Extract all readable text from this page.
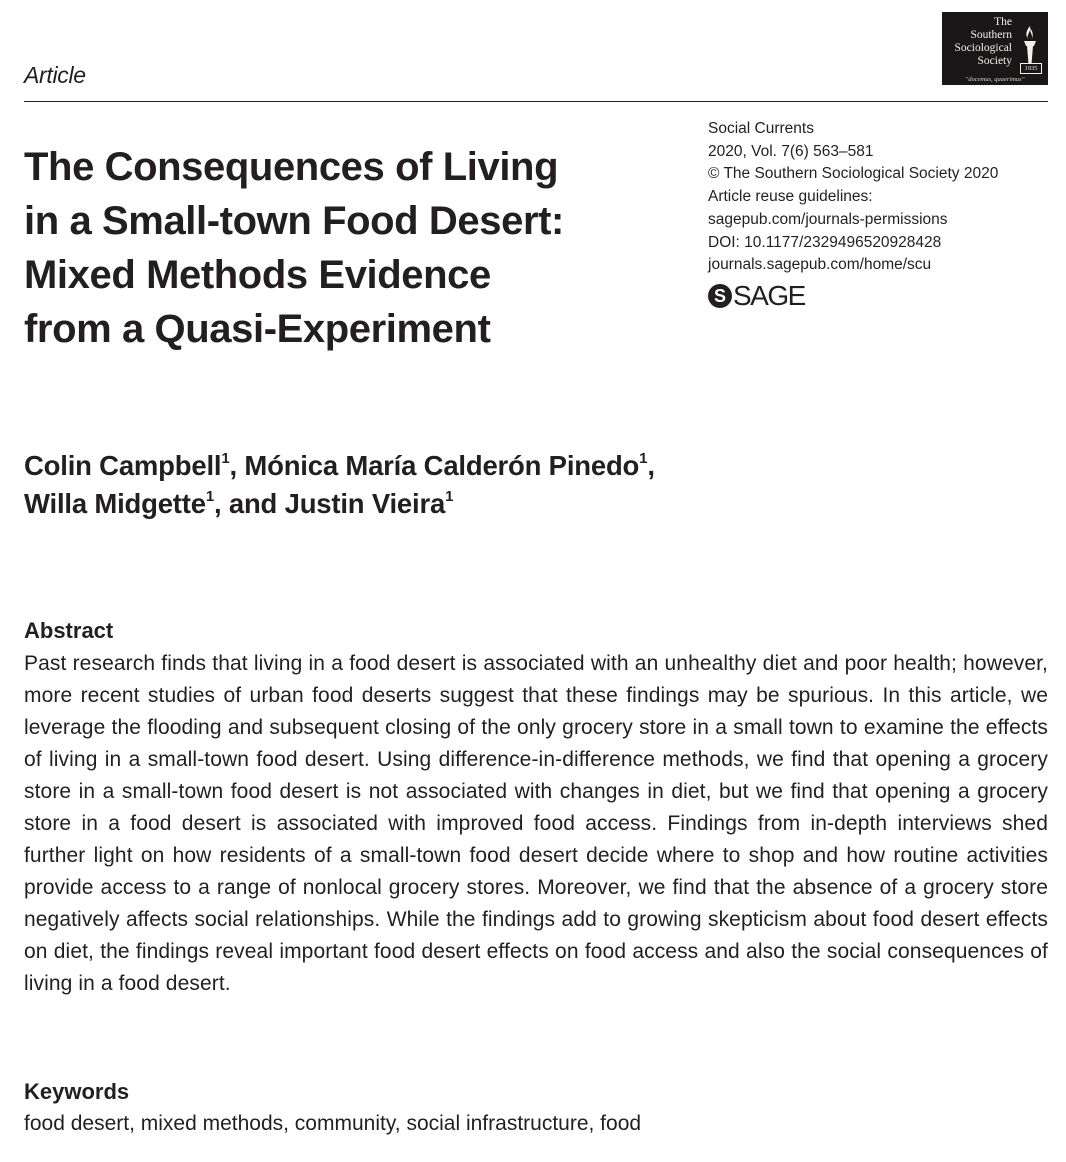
Article
The
Southern
Sociological
Society
1935
"docemus, quaerimus"
The Consequences of Living
in a Small-town Food Desert:
Mixed Methods Evidence
from a Quasi-Experiment
Social Currents
2020, Vol. 7(6) 563–581
© The Southern Sociological Society 2020
Article reuse guidelines:
sagepub.com/journals-permissions
DOI: 10.1177/2329496520928428
journals.sagepub.com/home/scu
S SAGE
Colin Campbell$^1$, Mónica María Calderón Pinedo$^1$,
Willa Midgette$^1$, and Justin Vieira$^1$
Abstract

Past research finds that living in a food desert is associated with an unhealthy diet and poor health; however, more recent studies of urban food deserts suggest that these findings may be spurious. In this article, we leverage the flooding and subsequent closing of the only grocery store in a small town to examine the effects of living in a small-town food desert. Using difference-in-difference methods, we find that opening a grocery store in a small-town food desert is not associated with changes in diet, but we find that opening a grocery store in a food desert is associated with improved food access. Findings from in-depth interviews shed further light on how residents of a small-town food desert decide where to shop and how routine activities provide access to a range of nonlocal grocery stores. Moreover, we find that the absence of a grocery store negatively affects social relationships. While the findings add to growing skepticism about food desert effects on diet, the findings reveal important food desert effects on food access and also the social consequences of living in a food desert.

Keywords

food desert, mixed methods, community, social infrastructure, food
